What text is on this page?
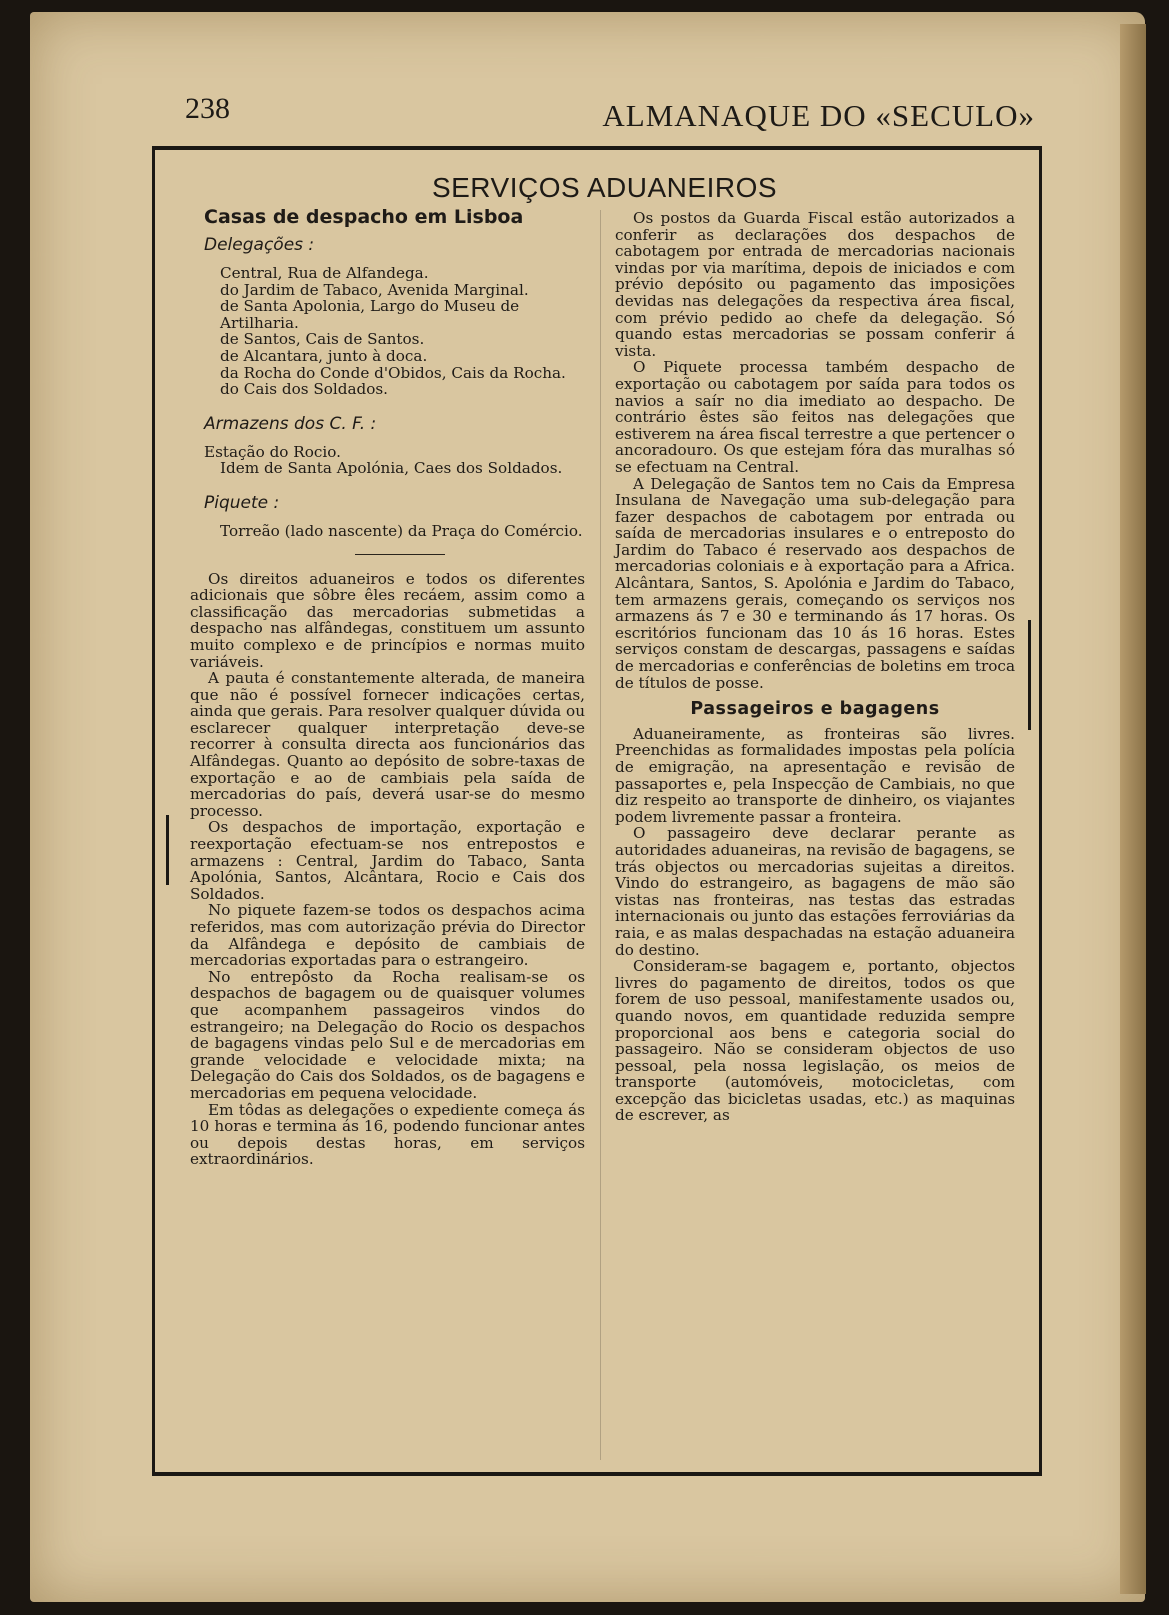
238	ALMANAQUE DO «SECULO»
SERVIÇOS ADUANEIROS
Casas de despacho em Lisboa
Delegações :
Central, Rua de Alfandega.
do Jardim de Tabaco, Avenida Marginal.
de Santa Apolonia, Largo do Museu de Artilharia.
de Santos, Cais de Santos.
de Alcantara, junto à doca.
da Rocha do Conde d'Obidos, Cais da Rocha.
do Cais dos Soldados.
Armazens dos C. F. :
Estação do Rocio.
Idem de Santa Apolónia, Caes dos Soldados.
Piquete :
Torreão (lado nascente) da Praça do Comércio.

Os direitos aduaneiros e todos os diferentes adicionais que sôbre êles recáem, assim como a classificação das mercadorias submetidas a despacho nas alfândegas, constituem um assunto muito complexo e de princípios e normas muito variáveis.

A pauta é constantemente alterada, de maneira que não é possível fornecer indicações certas, ainda que gerais. Para resolver qualquer dúvida ou esclarecer qualquer interpretação deve-se recorrer à consulta directa aos funcionários das Alfândegas. Quanto ao depósito de sobre-taxas de exportação e ao de cambiais pela saída de mercadorias do país, deverá usar-se do mesmo processo.

Os despachos de importação, exportação e reexportação efectuam-se nos entrepostos e armazens : Central, Jardim do Tabaco, Santa Apolónia, Santos, Alcântara, Rocio e Cais dos Soldados.

No piquete fazem-se todos os despachos acima referidos, mas com autorização prévia do Director da Alfândega e depósito de cambiais de mercadorias exportadas para o estrangeiro.

No entrepôsto da Rocha realisam-se os despachos de bagagem ou de quaisquer volumes que acompanhem passageiros vindos do estrangeiro; na Delegação do Rocio os despachos de bagagens vindas pelo Sul e de mercadorias em grande velocidade e velocidade mixta; na Delegação do Cais dos Soldados, os de bagagens e mercadorias em pequena velocidade.

Em tôdas as delegações o expediente começa ás 10 horas e termina ás 16, podendo funcionar antes ou depois destas horas, em serviços extraordinários.

Os postos da Guarda Fiscal estão autorizados a conferir as declarações dos despachos de cabotagem por entrada de mercadorias nacionais vindas por via marítima, depois de iniciados e com prévio depósito ou pagamento das imposições devidas nas delegações da respectiva área fiscal, com prévio pedido ao chefe da delegação. Só quando estas mercadorias se possam conferir á vista.

O Piquete processa também despacho de exportação ou cabotagem por saída para todos os navios a saír no dia imediato ao despacho. De contrário êstes são feitos nas delegações que estiverem na área fiscal terrestre a que pertencer o ancoradouro. Os que estejam fóra das muralhas só se efectuam na Central.

A Delegação de Santos tem no Cais da Empresa Insulana de Navegação uma sub-delegação para fazer despachos de cabotagem por entrada ou saída de mercadorias insulares e o entreposto do Jardim do Tabaco é reservado aos despachos de mercadorias coloniais e à exportação para a Africa. Alcântara, Santos, S. Apolónia e Jardim do Tabaco, tem armazens gerais, começando os serviços nos armazens ás 7 e 30 e terminando ás 17 horas. Os escritórios funcionam das 10 ás 16 horas. Estes serviços constam de descargas, passagens e saídas de mercadorias e conferências de boletins em troca de títulos de posse.

Passageiros e bagagens

Aduaneiramente, as fronteiras são livres. Preenchidas as formalidades impostas pela polícia de emigração, na apresentação e revisão de passaportes e, pela Inspecção de Cambiais, no que diz respeito ao transporte de dinheiro, os viajantes podem livremente passar a fronteira.

O passageiro deve declarar perante as autoridades aduaneiras, na revisão de bagagens, se trás objectos ou mercadorias sujeitas a direitos. Vindo do estrangeiro, as bagagens de mão são vistas nas fronteiras, nas testas das estradas internacionais ou junto das estações ferroviárias da raia, e as malas despachadas na estação aduaneira do destino.

Consideram-se bagagem e, portanto, objectos livres do pagamento de direitos, todos os que forem de uso pessoal, manifestamente usados ou, quando novos, em quantidade reduzida sempre proporcional aos bens e categoria social do passageiro. Não se consideram objectos de uso pessoal, pela nossa legislação, os meios de transporte (automóveis, motocicletas, com excepção das bicicletas usadas, etc.) as maquinas de escrever, as
